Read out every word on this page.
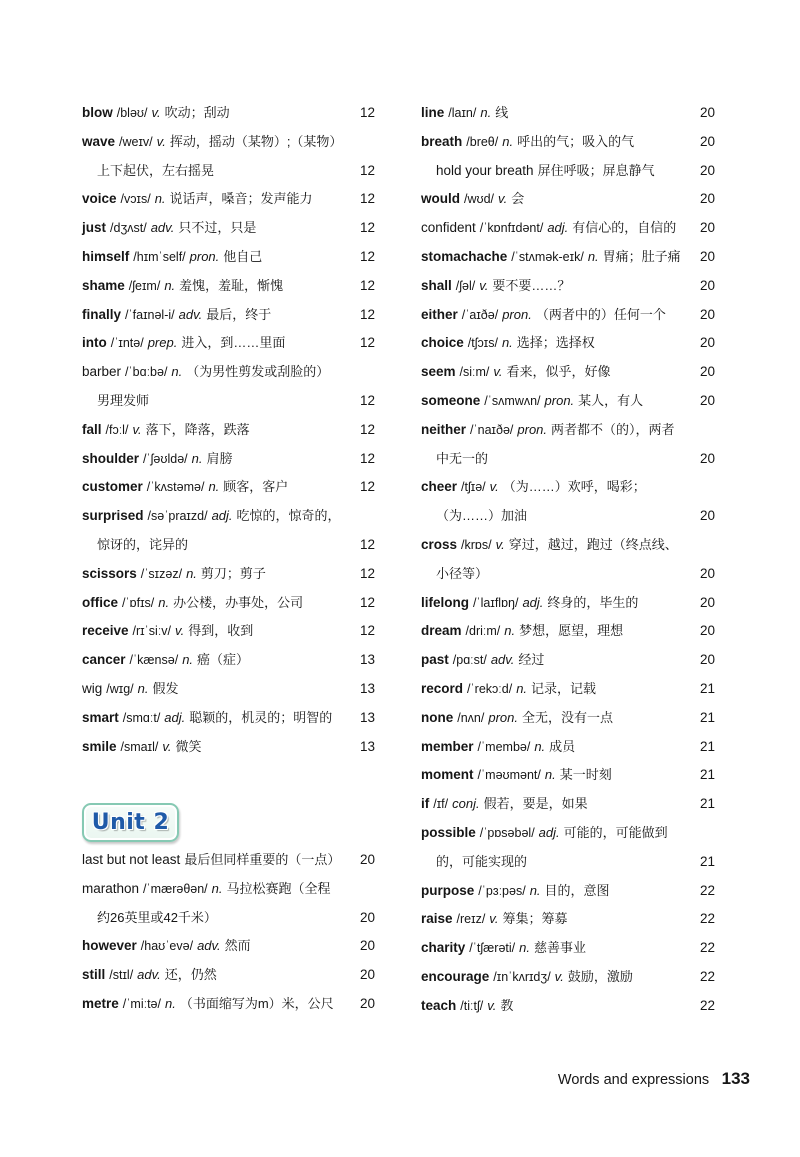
blow /bləʊ/ v. 吹动；刮动	12
wave /weɪv/ v. 挥动，摇动（某物）;（某物）
上下起伏，左右摇晃	12
voice /vɔɪs/ n. 说话声，嗓音；发声能力	12
just /dʒʌst/ adv. 只不过，只是	12
himself /hɪmˈself/ pron. 他自己	12
shame /ʃeɪm/ n. 羞愧，羞耻，惭愧	12
finally /ˈfaɪnəl-i/ adv. 最后，终于	12
into /ˈɪntə/ prep. 进入，到……里面	12
barber /ˈbɑːbə/ n. （为男性剪发或刮脸的）
男理发师	12
fall /fɔːl/ v. 落下，降落，跌落	12
shoulder /ˈʃəʊldə/ n. 肩膀	12
customer /ˈkʌstəmə/ n. 顾客，客户	12
surprised /səˈpraɪzd/ adj. 吃惊的，惊奇的，
惊讶的，诧异的	12
scissors /ˈsɪzəz/ n. 剪刀；剪子	12
office /ˈɒfɪs/ n. 办公楼，办事处，公司	12
receive /rɪˈsiːv/ v. 得到，收到	12
cancer /ˈkænsə/ n. 癌（症）	13
wig /wɪg/ n. 假发	13
smart /smɑːt/ adj. 聪颖的，机灵的；明智的 13
smile /smaɪl/ v. 微笑	13
Unit 2
last but not least 最后但同样重要的（一点） 20
marathon /ˈmærəθən/ n. 马拉松赛跑（全程
约26英里或42千米）	20
however /haʊˈevə/ adv. 然而	20
still /stɪl/ adv. 还，仍然	20
metre /ˈmiːtə/ n. （书面缩写为m）米，公尺 20
line /laɪn/ n. 线	20
breath /breθ/ n. 呼出的气；吸入的气	20
hold your breath 屏住呼吸；屏息静气	20
would /wʊd/ v. 会	20
confident /ˈkɒnfɪdənt/ adj. 有信心的，自信的 20
stomachache /ˈstʌmək-eɪk/ n. 胃痛；肚子痛 20
shall /ʃəl/ v. 要不要……？	20
either /ˈaɪðə/ pron. （两者中的）任何一个	20
choice /tʃɔɪs/ n. 选择；选择权	20
seem /siːm/ v. 看来，似乎，好像	20
someone /ˈsʌmwʌn/ pron. 某人，有人	20
neither /ˈnaɪðə/ pron. 两者都不（的），两者
中无一的	20
cheer /tʃɪə/ v. （为……）欢呼，喝彩；
（为……）加油	20
cross /krɒs/ v. 穿过，越过，跑过（终点线、
小径等）	20
lifelong /ˈlaɪflɒŋ/ adj. 终身的，毕生的	20
dream /driːm/ n. 梦想，愿望，理想	20
past /pɑːst/ adv. 经过	20
record /ˈrekɔːd/ n. 记录，记载	21
none /nʌn/ pron. 全无，没有一点	21
member /ˈmembə/ n. 成员	21
moment /ˈməʊmənt/ n. 某一时刻	21
if /ɪf/ conj. 假若，要是，如果	21
possible /ˈpɒsəbəl/ adj. 可能的，可能做到
的，可能实现的	21
purpose /ˈpɜːpəs/ n. 目的，意图	22
raise /reɪz/ v. 筹集；筹募	22
charity /ˈtʃærəti/ n. 慈善事业	22
encourage /ɪnˈkʌrɪdʒ/ v. 鼓励，激励	22
teach /tiːtʃ/ v. 教	22
Words and expressions 133
